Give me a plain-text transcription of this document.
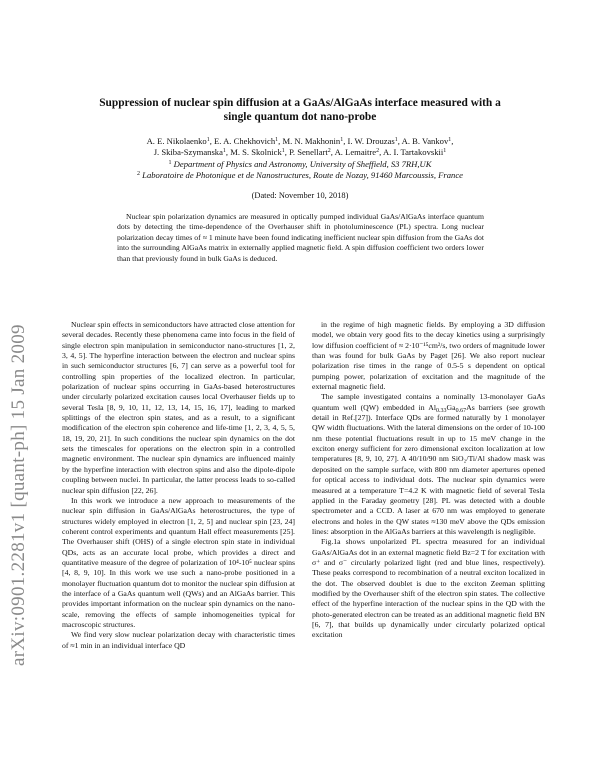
arXiv:0901.2281v1 [quant-ph] 15 Jan 2009
Suppression of nuclear spin diffusion at a GaAs/AlGaAs interface measured with a
single quantum dot nano-probe
A. E. Nikolaenko$^1$, E. A. Chekhovich$^1$, M. N. Makhonin$^1$, I. W. Drouzas$^1$, A. B. Vankov$^1$,
J. Skiba-Szymanska$^1$, M. S. Skolnick$^1$, P. Senellart$^2$, A. Lemaitre$^2$, A. I. Tartakovskii$^1$
$^1$ Department of Physics and Astronomy, University of Sheffield, S3 7RH,UK
$^2$ Laboratoire de Photonique et de Nanostructures, Route de Nozay, 91460 Marcoussis, France
(Dated: November 10, 2018)
Nuclear spin polarization dynamics are measured in optically pumped individual GaAs/AlGaAs interface quantum dots by detecting the time-dependence of the Overhauser shift in photoluminescence (PL) spectra. Long nuclear polarization decay times of ≈ 1 minute have been found indicating inefficient nuclear spin diffusion from the GaAs dot into the surrounding AlGaAs matrix in externally applied magnetic field. A spin diffusion coefficient two orders lower than that previously found in bulk GaAs is deduced.

Nuclear spin effects in semiconductors have attracted close attention for several decades. Recently these phenomena came into focus in the field of single electron spin manipulation in semiconductor nano-structures [1, 2, 3, 4, 5]. The hyperfine interaction between the electron and nuclear spins in such semiconductor structures [6, 7] can serve as a powerful tool for controlling spin properties of the localized electron. In particular, polarization of nuclear spins occurring in GaAs-based heterostructures under circularly polarized excitation causes local Overhauser fields up to several Tesla [8, 9, 10, 11, 12, 13, 14, 15, 16, 17], leading to marked splittings of the electron spin states, and as a result, to a significant modification of the electron spin coherence and life-time [1, 2, 3, 4, 5, 5, 18, 19, 20, 21]. In such conditions the nuclear spin dynamics on the dot sets the timescales for operations on the electron spin in a controlled magnetic environment. The nuclear spin dynamics are influenced mainly by the hyperfine interaction with electron spins and also the dipole-dipole coupling between nuclei. In particular, the latter process leads to so-called nuclear spin diffusion [22, 26].

In this work we introduce a new approach to measurements of the nuclear spin diffusion in GaAs/AlGaAs heterostructures, the type of structures widely employed in electron [1, 2, 5] and nuclear spin [23, 24] coherent control experiments and quantum Hall effect measurements [25]. The Overhauser shift (OHS) of a single electron spin state in individual QDs, acts as an accurate local probe, which provides a direct and quantitative measure of the degree of polarization of 10⁴-10⁵ nuclear spins [4, 8, 9, 10]. In this work we use such a nano-probe positioned in a monolayer fluctuation quantum dot to monitor the nuclear spin diffusion at the interface of a GaAs quantum well (QWs) and an AlGaAs barrier. This provides important information on the nuclear spin dynamics on the nano-scale, removing the effects of sample inhomogeneities typical for macroscopic structures.

We find very slow nuclear polarization decay with characteristic times of ≈1 min in an individual interface QD

in the regime of high magnetic fields. By employing a 3D diffusion model, we obtain very good fits to the decay kinetics using a surprisingly low diffusion coefficient of ≈ 2·10⁻¹⁵cm²/s, two orders of magnitude lower than was found for bulk GaAs by Paget [26]. We also report nuclear polarization rise times in the range of 0.5-5 s dependent on optical pumping power, polarization of excitation and the magnitude of the external magnetic field.

The sample investigated contains a nominally 13-monolayer GaAs quantum well (QW) embedded in $Al_{0.33}Ga_{0.67}As$ barriers (see growth detail in Ref.[27]). Interface QDs are formed naturally by 1 monolayer QW width fluctuations. With the lateral dimensions on the order of 10-100 nm these potential fluctuations result in up to 15 meV change in the exciton energy sufficient for zero dimensional exciton localization at low temperatures [8, 9, 10, 27]. A 40/10/90 nm SiO₂/Ti/Al shadow mask was deposited on the sample surface, with 800 nm diameter apertures opened for optical access to individual dots. The nuclear spin dynamics were measured at a temperature T=4.2 K with magnetic field of several Tesla applied in the Faraday geometry [28]. PL was detected with a double spectrometer and a CCD. A laser at 670 nm was employed to generate electrons and holes in the QW states ≈130 meV above the QDs emission lines: absorption in the AlGaAs barriers at this wavelength is negligible.

Fig.1a shows unpolarized PL spectra measured for an individual GaAs/AlGaAs dot in an external magnetic field Bz=2 T for excitation with σ⁺ and σ⁻ circularly polarized light (red and blue lines, respectively). These peaks correspond to recombination of a neutral exciton localized in the dot. The observed doublet is due to the exciton Zeeman splitting modified by the Overhauser shift of the electron spin states. The collective effect of the hyperfine interaction of the nuclear spins in the QD with the photo-generated electron can be treated as an additional magnetic field BN [6, 7], that builds up dynamically under circularly polarized optical excitation
